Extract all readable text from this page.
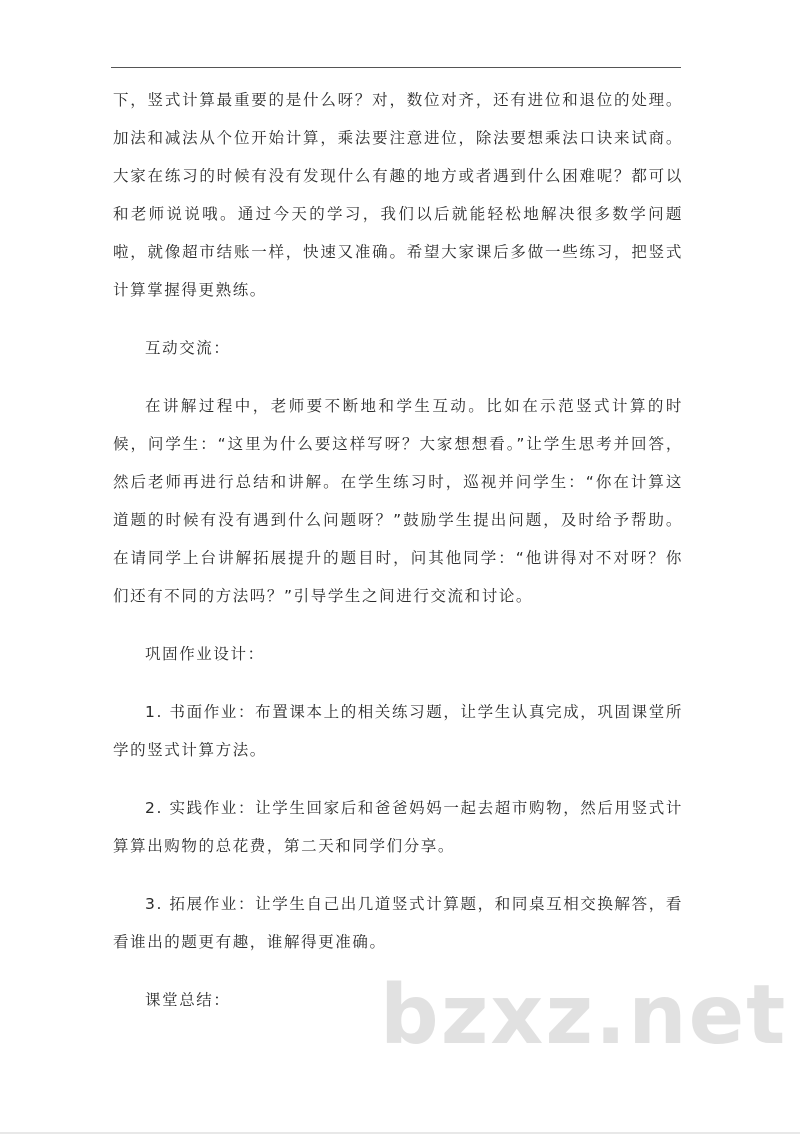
下，竖式计算最重要的是什么呀？对，数位对齐，还有进位和退位的处理。加法和减法从个位开始计算，乘法要注意进位，除法要想乘法口诀来试商。大家在练习的时候有没有发现什么有趣的地方或者遇到什么困难呢？都可以和老师说说哦。通过今天的学习，我们以后就能轻松地解决很多数学问题啦，就像超市结账一样，快速又准确。希望大家课后多做一些练习，把竖式计算掌握得更熟练。

互动交流：

在讲解过程中，老师要不断地和学生互动。比如在示范竖式计算的时候，问学生：“这里为什么要这样写呀？大家想想看。”让学生思考并回答，然后老师再进行总结和讲解。在学生练习时，巡视并问学生：“你在计算这道题的时候有没有遇到什么问题呀？”鼓励学生提出问题，及时给予帮助。在请同学上台讲解拓展提升的题目时，问其他同学：“他讲得对不对呀？你们还有不同的方法吗？”引导学生之间进行交流和讨论。

巩固作业设计：

1. 书面作业：布置课本上的相关练习题，让学生认真完成，巩固课堂所学的竖式计算方法。

2. 实践作业：让学生回家后和爸爸妈妈一起去超市购物，然后用竖式计算算出购物的总花费，第二天和同学们分享。

3. 拓展作业：让学生自己出几道竖式计算题，和同桌互相交换解答，看看谁出的题更有趣，谁解得更准确。

课堂总结：	bzxz.net
